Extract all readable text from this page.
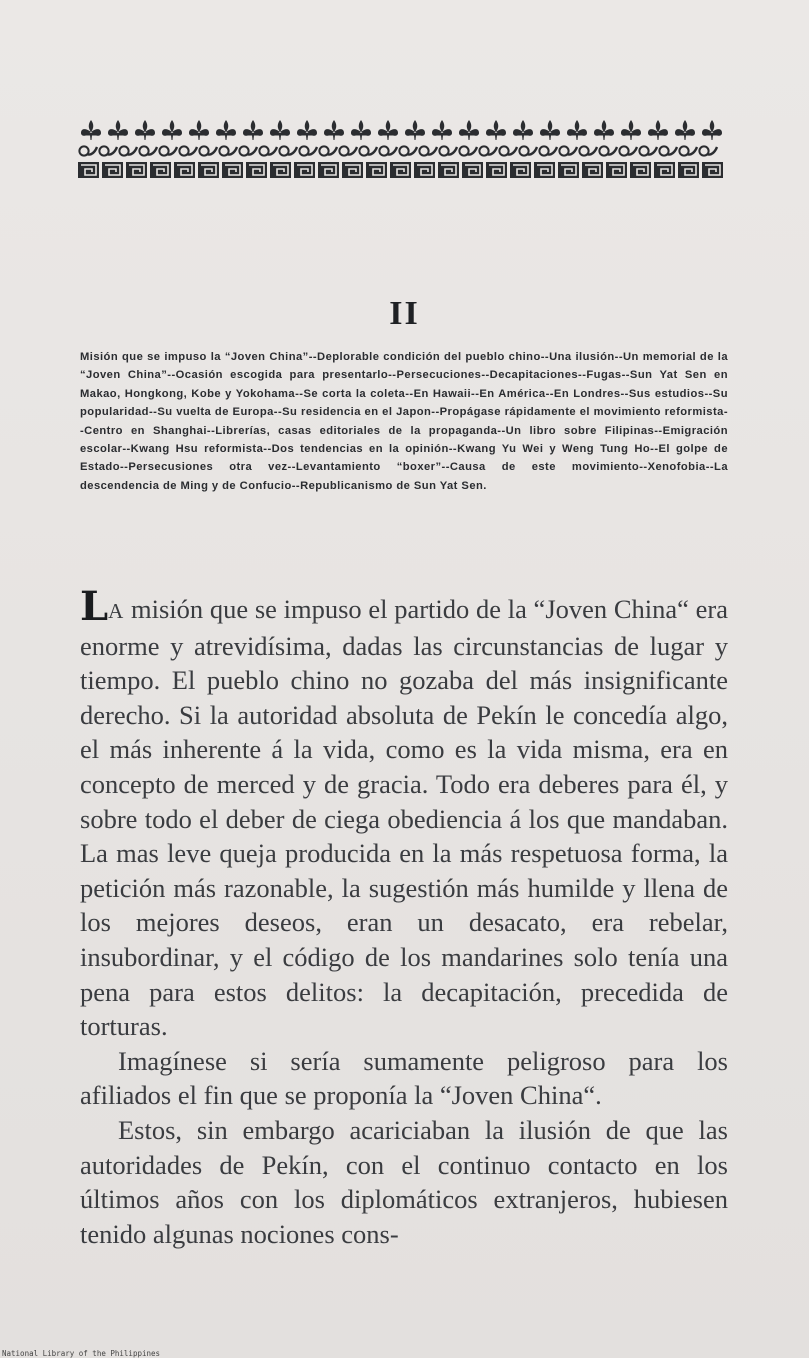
II
Misión que se impuso la “Joven China”--Deplorable condición del pueblo chino--Una ilusión--Un memorial de la “Joven China”--Ocasión escogida para presentarlo--Persecuciones--Decapitaciones--Fugas--Sun Yat Sen en Makao, Hongkong, Kobe y Yokohama--Se corta la coleta--En Hawaii--En América--En Londres--Sus estudios--Su popularidad--Su vuelta de Europa--Su residencia en el Japon--Propágase rápidamente el movimiento reformista--Centro en Shanghai--Librerías, casas editoriales de la propaganda--Un libro sobre Filipinas--Emigración escolar--Kwang Hsu reformista--Dos tendencias en la opinión--Kwang Yu Wei y Weng Tung Ho--El golpe de Estado--Persecusiones otra vez--Levantamiento “boxer”--Causa de este movimiento--Xenofobia--La descendencia de Ming y de Confucio--Republicanismo de Sun Yat Sen.

LA misión que se impuso el partido de la “Joven China“ era enorme y atrevidísima, dadas las circunstancias de lugar y tiempo. El pueblo chino no gozaba del más insignificante derecho. Si la autoridad absoluta de Pekín le concedía algo, el más inherente á la vida, como es la vida misma, era en concepto de merced y de gracia. Todo era deberes para él, y sobre todo el deber de ciega obediencia á los que mandaban. La mas leve queja producida en la más respetuosa forma, la petición más razonable, la sugestión más humilde y llena de los mejores deseos, eran un desacato, era rebelar, insubordinar, y el código de los mandarines solo tenía una pena para estos delitos: la decapitación, precedida de torturas.

Imagínese si sería sumamente peligroso para los afiliados el fin que se proponía la “Joven China“.

Estos, sin embargo acariciaban la ilusión de que las autoridades de Pekín, con el continuo contacto en los últimos años con los diplomáticos extranjeros, hubiesen tenido algunas nociones cons-

National Library of the Philippines
